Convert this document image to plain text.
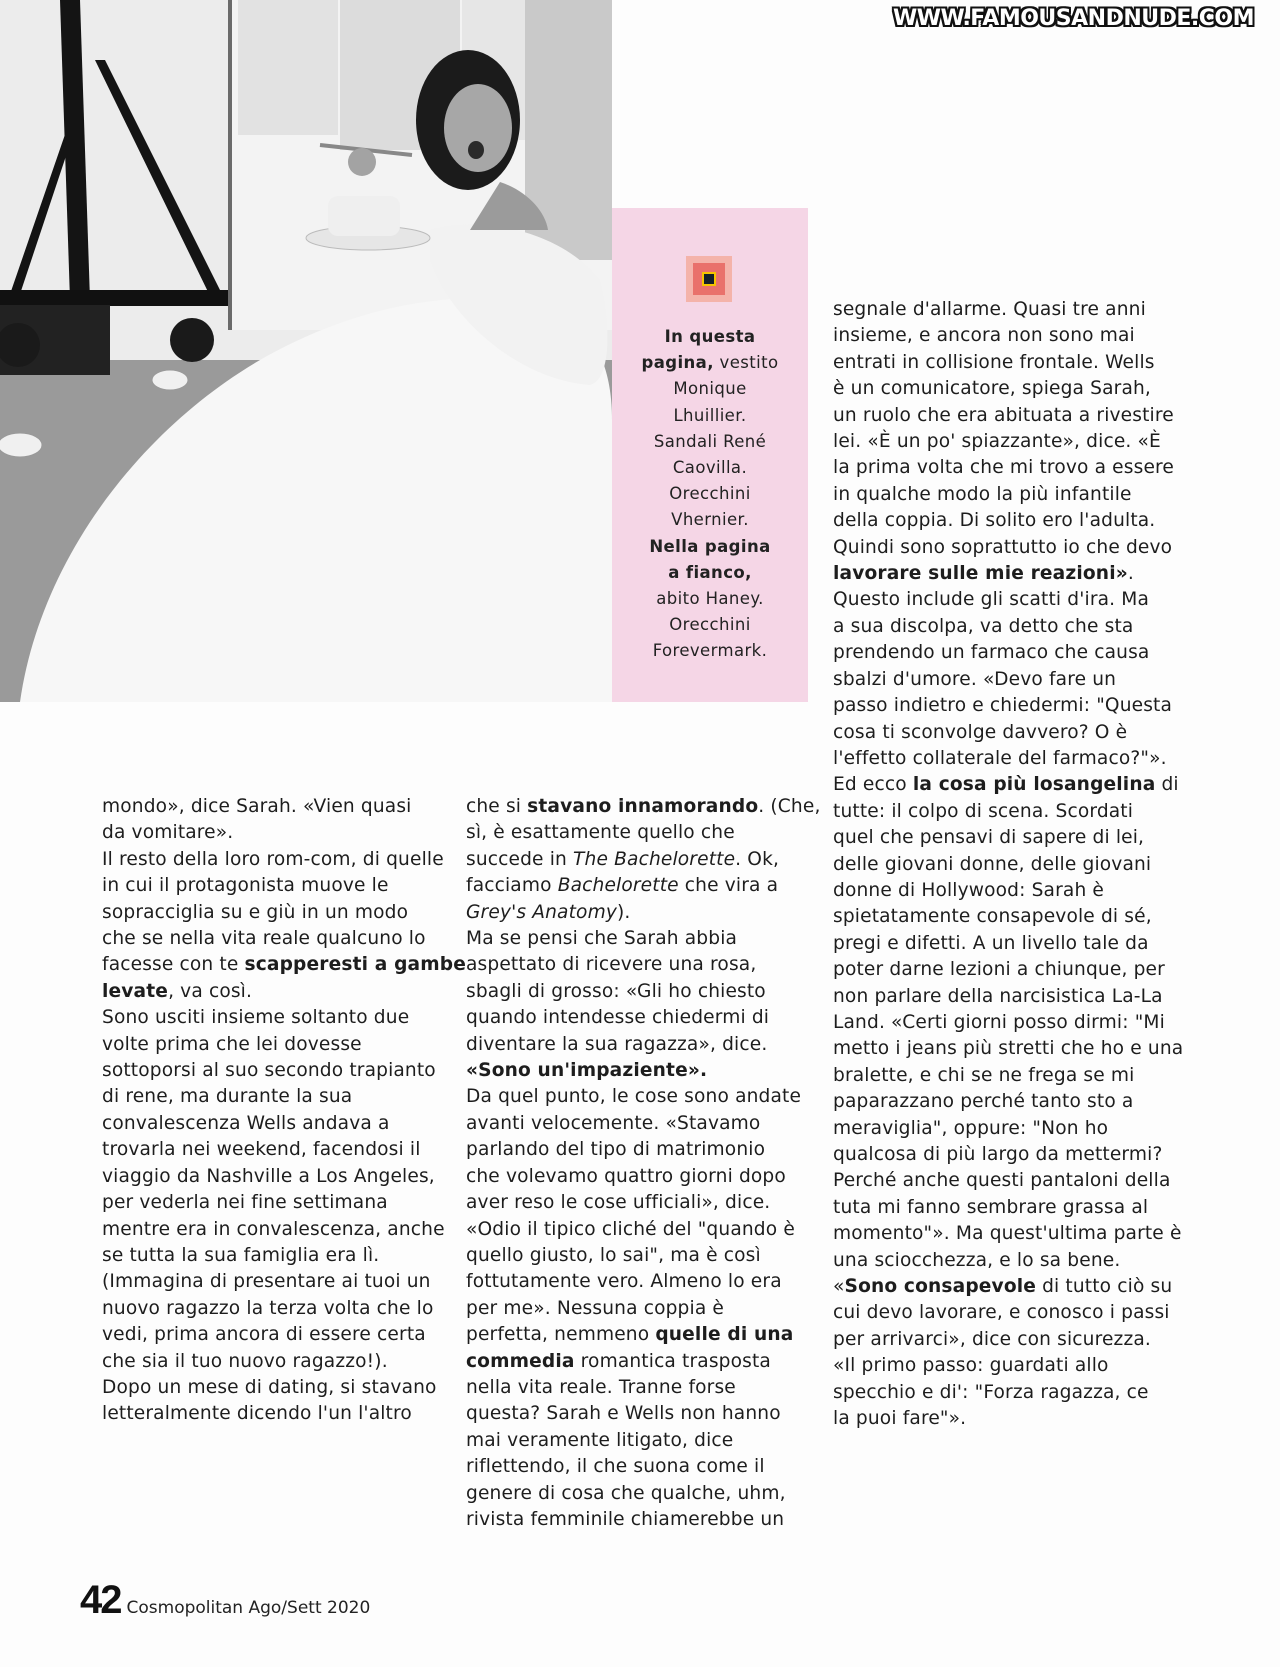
WWW.FAMOUSANDNUDE.COM
In questa
pagina, vestito
Monique
Lhuillier.
Sandali René
Caovilla.
Orecchini
Vhernier.
Nella pagina
a fianco,
abito Haney.
Orecchini
Forevermark.
mondo», dice Sarah. «Vien quasi
da vomitare».
Il resto della loro rom-com, di quelle
in cui il protagonista muove le
sopracciglia su e giù in un modo
che se nella vita reale qualcuno lo
facesse con te scapperesti a gambe
levate, va così.
Sono usciti insieme soltanto due
volte prima che lei dovesse
sottoporsi al suo secondo trapianto
di rene, ma durante la sua
convalescenza Wells andava a
trovarla nei weekend, facendosi il
viaggio da Nashville a Los Angeles,
per vederla nei fine settimana
mentre era in convalescenza, anche
se tutta la sua famiglia era lì.
(Immagina di presentare ai tuoi un
nuovo ragazzo la terza volta che lo
vedi, prima ancora di essere certa
che sia il tuo nuovo ragazzo!).
Dopo un mese di dating, si stavano
letteralmente dicendo l'un l'altro
che si stavano innamorando. (Che,
sì, è esattamente quello che
succede in The Bachelorette. Ok,
facciamo Bachelorette che vira a
Grey's Anatomy).
Ma se pensi che Sarah abbia
aspettato di ricevere una rosa,
sbagli di grosso: «Gli ho chiesto
quando intendesse chiedermi di
diventare la sua ragazza», dice.
«Sono un'impaziente».
Da quel punto, le cose sono andate
avanti velocemente. «Stavamo
parlando del tipo di matrimonio
che volevamo quattro giorni dopo
aver reso le cose ufficiali», dice.
«Odio il tipico cliché del "quando è
quello giusto, lo sai", ma è così
fottutamente vero. Almeno lo era
per me». Nessuna coppia è
perfetta, nemmeno quelle di una
commedia romantica trasposta
nella vita reale. Tranne forse
questa? Sarah e Wells non hanno
mai veramente litigato, dice
riflettendo, il che suona come il
genere di cosa che qualche, uhm,
rivista femminile chiamerebbe un
segnale d'allarme. Quasi tre anni
insieme, e ancora non sono mai
entrati in collisione frontale. Wells
è un comunicatore, spiega Sarah,
un ruolo che era abituata a rivestire
lei. «È un po' spiazzante», dice. «È
la prima volta che mi trovo a essere
in qualche modo la più infantile
della coppia. Di solito ero l'adulta.
Quindi sono soprattutto io che devo
lavorare sulle mie reazioni».
Questo include gli scatti d'ira. Ma
a sua discolpa, va detto che sta
prendendo un farmaco che causa
sbalzi d'umore. «Devo fare un
passo indietro e chiedermi: "Questa
cosa ti sconvolge davvero? O è
l'effetto collaterale del farmaco?"».
Ed ecco la cosa più losangelina di
tutte: il colpo di scena. Scordati
quel che pensavi di sapere di lei,
delle giovani donne, delle giovani
donne di Hollywood: Sarah è
spietatamente consapevole di sé,
pregi e difetti. A un livello tale da
poter darne lezioni a chiunque, per
non parlare della narcisistica La-La
Land. «Certi giorni posso dirmi: "Mi
metto i jeans più stretti che ho e una
bralette, e chi se ne frega se mi
paparazzano perché tanto sto a
meraviglia", oppure: "Non ho
qualcosa di più largo da mettermi?
Perché anche questi pantaloni della
tuta mi fanno sembrare grassa al
momento"». Ma quest'ultima parte è
una sciocchezza, e lo sa bene.
«Sono consapevole di tutto ciò su
cui devo lavorare, e conosco i passi
per arrivarci», dice con sicurezza.
«Il primo passo: guardati allo
specchio e di': "Forza ragazza, ce
la puoi fare"».
42 Cosmopolitan Ago/Sett 2020
